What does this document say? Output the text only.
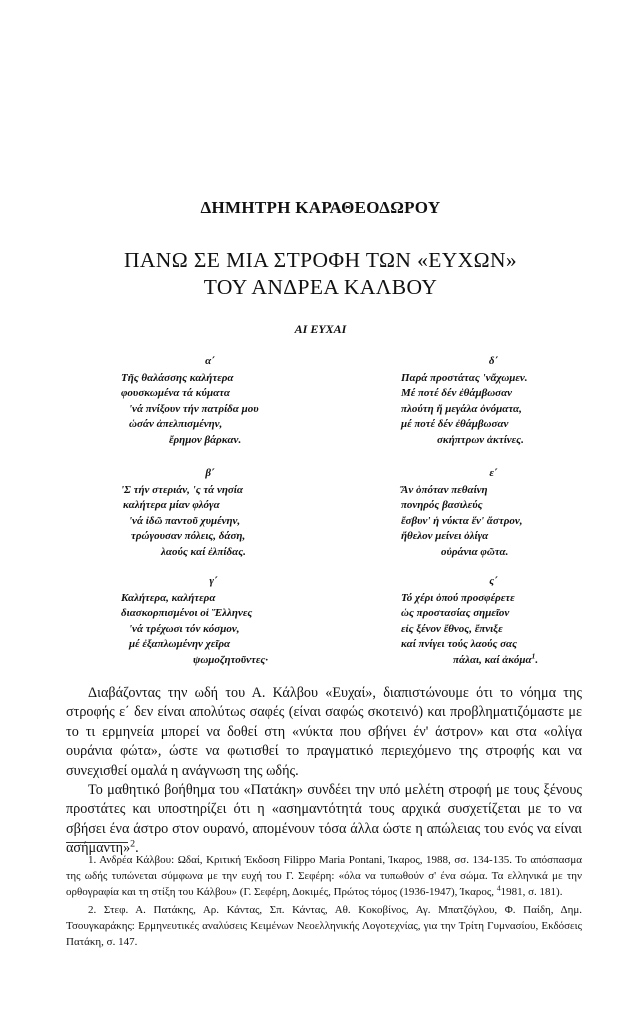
ΔΗΜΗΤΡΗ ΚΑΡΑΘΕΟΔΩΡΟΥ
ΠΑΝΩ ΣΕ ΜΙΑ ΣΤΡΟΦΗ ΤΩΝ «ΕΥΧΩΝ»
ΤΟΥ ΑΝΔΡΕΑ ΚΑΛΒΟΥ
ΑΙ ΕΥΧΑΙ
α΄
Τῆς θαλάσσης καλήτερα
φουσκωμένα τά κύματα
'νά πνίξουν τήν πατρίδα μου
ὡσάν ἀπελπισμένην,
ἔρημον βάρκαν.
β΄
'Σ τήν στεριάν, 'ς τά νησία
καλήτερα μίαν φλόγα
'νά ἰδῶ παντοῦ χυμένην,
τρώγουσαν πόλεις, δάση,
λαούς καί ἐλπίδας.
γ΄
Καλήτερα, καλήτερα
διασκορπισμένοι οἱ Ἕλληνες
'νά τρέχωσι τόν κόσμον,
μέ ἐξαπλωμένην χεῖρα
ψωμοζητοῦντες·
δ΄
Παρά προστάτας 'νἄχωμεν.
Μέ ποτέ δέν ἐθάμβωσαν
πλούτη ἤ μεγάλα ὀνόματα,
μέ ποτέ δέν ἐθάμβωσαν
σκήπτρων ἀκτίνες.
ε΄
Ἄν ὁπόταν πεθαίνη
πονηρός βασιλεύς
ἔσβυν' ἡ νύκτα ἕν' ἄστρον,
ἤθελον μείνει ὀλίγα
οὐράνια φῶτα.
ς΄
Τό χέρι ὁπού προσφέρετε
ὡς προστασίας σημεῖον
εἰς ξένον ἔθνος, ἔπνιξε
καί πνίγει τούς λαούς σας
πάλαι, καί ἀκόμα$^1$.

Διαβάζοντας την ωδή του Α. Κάλβου «Ευχαί», διαπιστώνουμε ότι το νόημα της στροφής ε΄ δεν είναι απολύτως σαφές (είναι σαφώς σκοτεινό) και προβληματιζόμαστε με το τι ερμηνεία μπορεί να δοθεί στη «νύκτα που σβήνει έν' άστρον» και στα «ολίγα ουράνια φώτα», ώστε να φωτισθεί το πραγματικό περιεχόμενο της στροφής και να συνεχισθεί ομαλά η ανάγνωση της ωδής.

Το μαθητικό βοήθημα του «Πατάκη» συνδέει την υπό μελέτη στροφή με τους ξένους προστάτες και υποστηρίζει ότι η «ασημαντότητά τους αρχικά συσχετίζεται με το να σβήσει ένα άστρο στον ουρανό, απομένουν τόσα άλλα ώστε η απώλειας του ενός να είναι ασήμαντη»$^2$.

1. Ανδρέα Κάλβου: Ωδαί, Κριτική Έκδοση Filippo Maria Pontani, Ίκαρος, 1988, σσ. 134-135. Το απόσπασμα της ωδής τυπώνεται σύμφωνα με την ευχή του Γ. Σεφέρη: «όλα να τυπωθούν σ' ένα σώμα. Τα ελληνικά με την ορθογραφία και τη στίξη του Κάλβου» (Γ. Σεφέρη, Δοκιμές, Πρώτος τόμος (1936-1947), Ίκαρος, $^4$1981, σ. 181).

2. Στεφ. Α. Πατάκης, Αρ. Κάντας, Σπ. Κάντας, Αθ. Κοκοβίνος, Αγ. Μπατζόγλου, Φ. Παίδη, Δημ. Τσουγκαράκης: Ερμηνευτικές αναλύσεις Κειμένων Νεοελληνικής Λογοτεχνίας, για την Τρίτη Γυμνασίου, Εκδόσεις Πατάκη, σ. 147.
